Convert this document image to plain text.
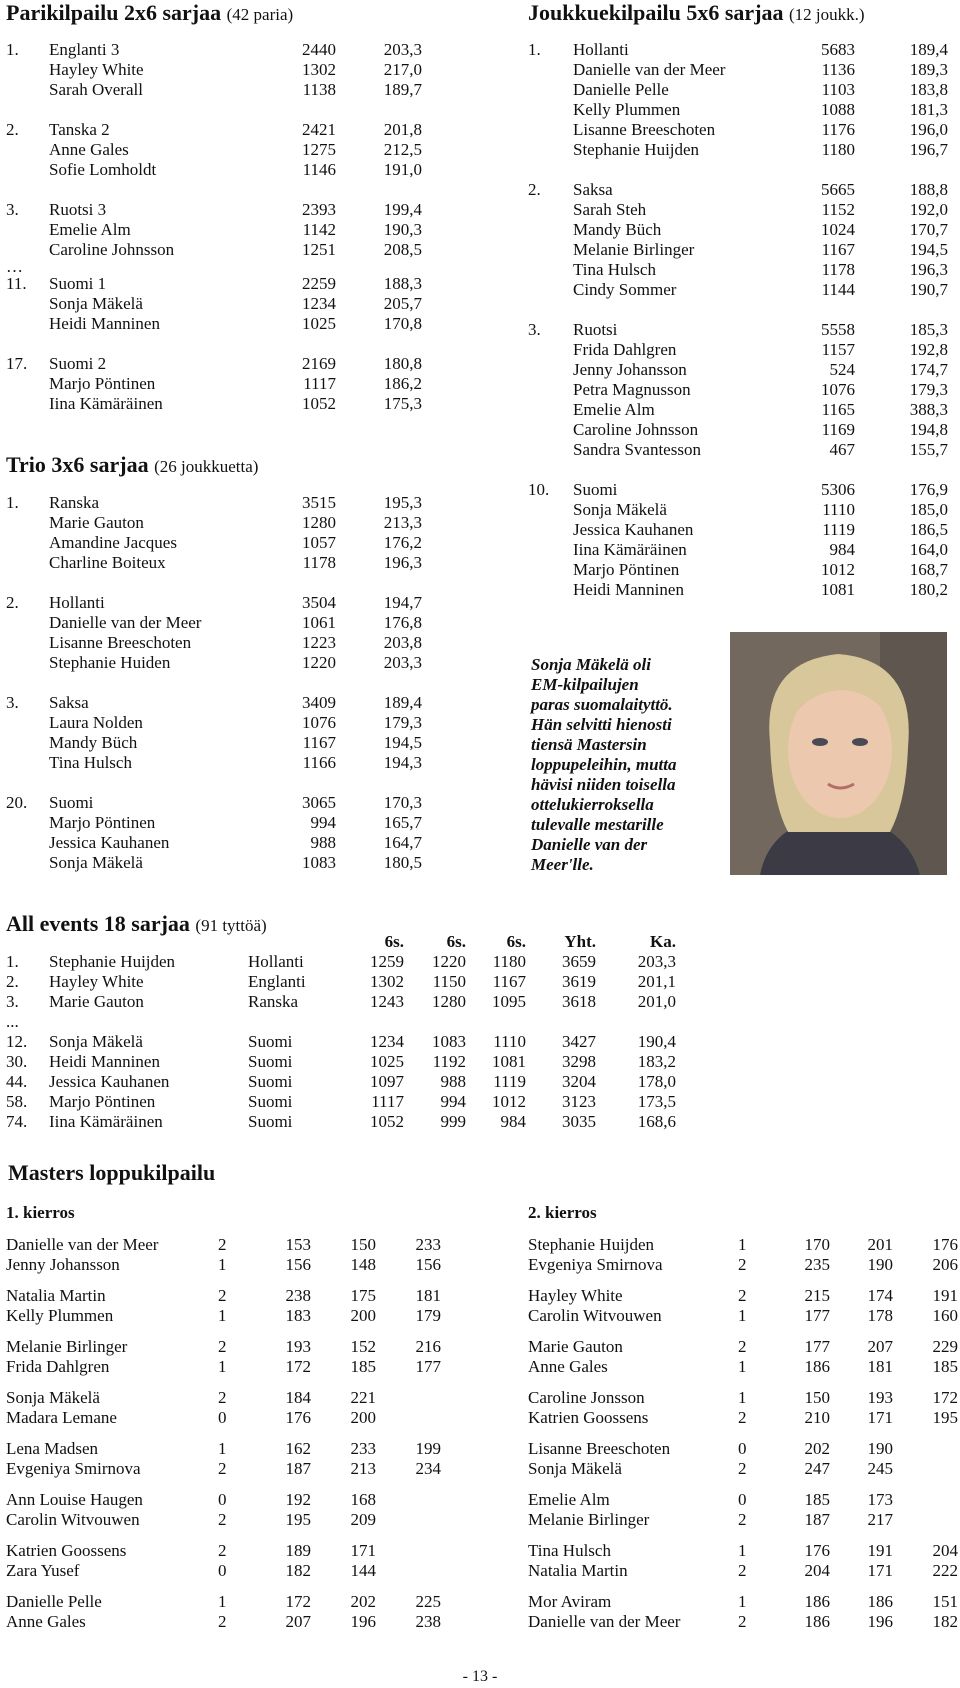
Parikilpailu 2x6 sarjaa (42 paria)
1. Englanti 3	2440	203,3
Hayley White	1302	217,0
Sarah Overall	1138	189,7
2. Tanska 2	2421	201,8
Anne Gales	1275	212,5
Sofie Lomholdt	1146	191,0
3. Ruotsi 3	2393	199,4
Emelie Alm	1142	190,3
Caroline Johnsson	1251	208,5
…
11. Suomi 1	2259	188,3
Sonja Mäkelä	1234	205,7
Heidi Manninen	1025	170,8
17. Suomi 2	2169	180,8
Marjo Pöntinen	1117	186,2
Iina Kämäräinen	1052	175,3
Trio 3x6 sarjaa (26 joukkuetta)
1. Ranska	3515	195,3
Marie Gauton	1280	213,3
Amandine Jacques	1057	176,2
Charline Boiteux	1178	196,3
2. Hollanti	3504	194,7
Danielle van der Meer	1061	176,8
Lisanne Breeschoten	1223	203,8
Stephanie Huiden	1220	203,3
3. Saksa	3409	189,4
Laura Nolden	1076	179,3
Mandy Büch	1167	194,5
Tina Hulsch	1166	194,3
20. Suomi	3065	170,3
Marjo Pöntinen	994	165,7
Jessica Kauhanen	988	164,7
Sonja Mäkelä	1083	180,5
Joukkuekilpailu 5x6 sarjaa (12 joukk.)
1. Hollanti	5683	189,4
Danielle van der Meer	1136	189,3
Danielle Pelle	1103	183,8
Kelly Plummen	1088	181,3
Lisanne Breeschoten	1176	196,0
Stephanie Huijden	1180	196,7
2. Saksa	5665	188,8
Sarah Steh	1152	192,0
Mandy Büch	1024	170,7
Melanie Birlinger	1167	194,5
Tina Hulsch	1178	196,3
Cindy Sommer	1144	190,7
3. Ruotsi	5558	185,3
Frida Dahlgren	1157	192,8
Jenny Johansson	524	174,7
Petra Magnusson	1076	179,3
Emelie Alm	1165	388,3
Caroline Johnsson	1169	194,8
Sandra Svantesson	467	155,7
10. Suomi	5306	176,9
Sonja Mäkelä	1110	185,0
Jessica Kauhanen	1119	186,5
Iina Kämäräinen	984	164,0
Marjo Pöntinen	1012	168,7
Heidi Manninen	1081	180,2
Sonja Mäkelä oli
EM-kilpailujen
paras suomalaityttö.
Hän selvitti hienosti
tiensä Mastersin
loppupeleihin, mutta
hävisi niiden toisella
ottelukierroksella
tulevalle mestarille
Danielle van der
Meer'lle.
All events 18 sarjaa (91 tyttöä)
6s.	6s. 6s. Yht.	Ka.
1. Stephanie Huijden	Hollanti	1259 1220 1180 3659 203,3
2. Hayley White	Englanti	1302 1150 1167 3619 201,1
3. Marie Gauton	Ranska	1243 1280 1095 3618 201,0
...
12. Sonja Mäkelä	Suomi	1234 1083 1110 3427 190,4
30. Heidi Manninen	Suomi	1025 1192 1081 3298 183,2
44. Jessica Kauhanen	Suomi	1097 988 1119 3204 178,0
58. Marjo Pöntinen	Suomi	1117 994 1012 3123 173,5
74. Iina Kämäräinen	Suomi	1052 999 984 3035 168,6
Masters loppukilpailu
1. kierros
Danielle van der Meer	2	153 150 233
Jenny Johansson	1	156 148 156
Natalia Martin	2	238 175 181
Kelly Plummen	1	183 200 179
Melanie Birlinger	2	193 152 216
Frida Dahlgren	1	172 185 177
Sonja Mäkelä	2	184 221
Madara Lemane	0	176 200
Lena Madsen	1	162 233 199
Evgeniya Smirnova	2	187 213 234
Ann Louise Haugen	0	192 168
Carolin Witvouwen	2	195 209
Katrien Goossens	2	189 171
Zara Yusef	0	182 144
Danielle Pelle	1	172 202 225
Anne Gales	2	207 196 238
2. kierros
Stephanie Huijden	1	170 201 176
Evgeniya Smirnova	2	235 190 206
Hayley White	2	215 174 191
Carolin Witvouwen	1	177 178 160
Marie Gauton	2	177 207 229
Anne Gales	1	186 181 185
Caroline Jonsson	1	150 193 172
Katrien Goossens	2	210 171 195
Lisanne Breeschoten	0	202 190
Sonja Mäkelä	2	247 245
Emelie Alm	0	185 173
Melanie Birlinger	2	187 217
Tina Hulsch	1	176 191 204
Natalia Martin	2	204 171 222
Mor Aviram	1	186 186 151
Danielle van der Meer	2	186 196 182
- 13 -
